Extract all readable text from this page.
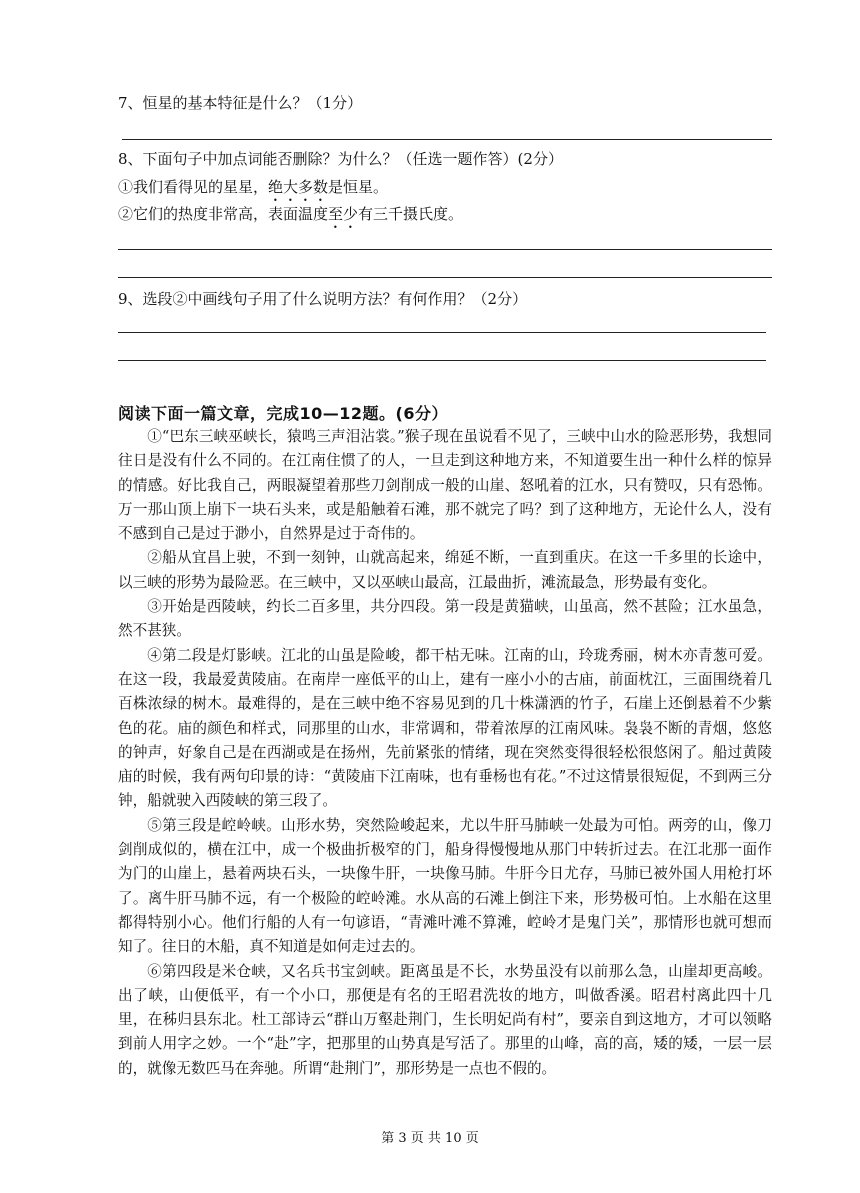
7、恒星的基本特征是什么？（1分）
8、下面句子中加点词能否删除？为什么？（任选一题作答）(2分）
①我们看得见的星星，绝大多数是恒星。
②它们的热度非常高，表面温度至少有三千摄氏度。
9、选段②中画线句子用了什么说明方法？有何作用？（2分）
阅读下面一篇文章，完成10—12题。(6分）

①“巴东三峡巫峡长，猿鸣三声泪沾裳。”猴子现在虽说看不见了，三峡中山水的险恶形势，我想同往日是没有什么不同的。在江南住惯了的人，一旦走到这种地方来，不知道要生出一种什么样的惊异的情感。好比我自己，两眼凝望着那些刀剑削成一般的山崖、怒吼着的江水，只有赞叹，只有恐怖。万一那山顶上崩下一块石头来，或是船触着石滩，那不就完了吗？到了这种地方，无论什么人，没有不感到自己是过于渺小，自然界是过于奇伟的。

②船从宜昌上驶，不到一刻钟，山就高起来，绵延不断，一直到重庆。在这一千多里的长途中，以三峡的形势为最险恶。在三峡中，又以巫峡山最高，江最曲折，滩流最急，形势最有变化。

③开始是西陵峡，约长二百多里，共分四段。第一段是黄猫峡，山虽高，然不甚险；江水虽急，然不甚狭。

④第二段是灯影峡。江北的山虽是险峻，都干枯无味。江南的山，玲珑秀丽，树木亦青葱可爱。在这一段，我最爱黄陵庙。在南岸一座低平的山上，建有一座小小的古庙，前面枕江，三面围绕着几百株浓绿的树木。最难得的，是在三峡中绝不容易见到的几十株潇洒的竹子，石崖上还倒悬着不少紫色的花。庙的颜色和样式，同那里的山水，非常调和，带着浓厚的江南风味。袅袅不断的青烟，悠悠的钟声，好象自己是在西湖或是在扬州，先前紧张的情绪，现在突然变得很轻松很悠闲了。船过黄陵庙的时候，我有两句印景的诗：“黄陵庙下江南味，也有垂杨也有花。”不过这情景很短促，不到两三分钟，船就驶入西陵峡的第三段了。

⑤第三段是崆岭峡。山形水势，突然险峻起来，尤以牛肝马肺峡一处最为可怕。两旁的山，像刀剑削成似的，横在江中，成一个极曲折极窄的门，船身得慢慢地从那门中转折过去。在江北那一面作为门的山崖上，悬着两块石头，一块像牛肝，一块像马肺。牛肝今日尤存，马肺已被外国人用枪打坏了。离牛肝马肺不远，有一个极险的崆岭滩。水从高的石滩上倒注下来，形势极可怕。上水船在这里都得特别小心。他们行船的人有一句谚语，“青滩叶滩不算滩，崆岭才是鬼门关”，那情形也就可想而知了。往日的木船，真不知道是如何走过去的。

⑥第四段是米仓峡，又名兵书宝剑峡。距离虽是不长，水势虽没有以前那么急，山崖却更高峻。出了峡，山便低平，有一个小口，那便是有名的王昭君洗妆的地方，叫做香溪。昭君村离此四十几里，在秭归县东北。杜工部诗云“群山万壑赴荆门，生长明妃尚有村”，要亲自到这地方，才可以领略到前人用字之妙。一个“赴”字，把那里的山势真是写活了。那里的山峰，高的高，矮的矮，一层一层的，就像无数匹马在奔驰。所谓“赴荆门”，那形势是一点也不假的。

第 3 页 共 10 页
